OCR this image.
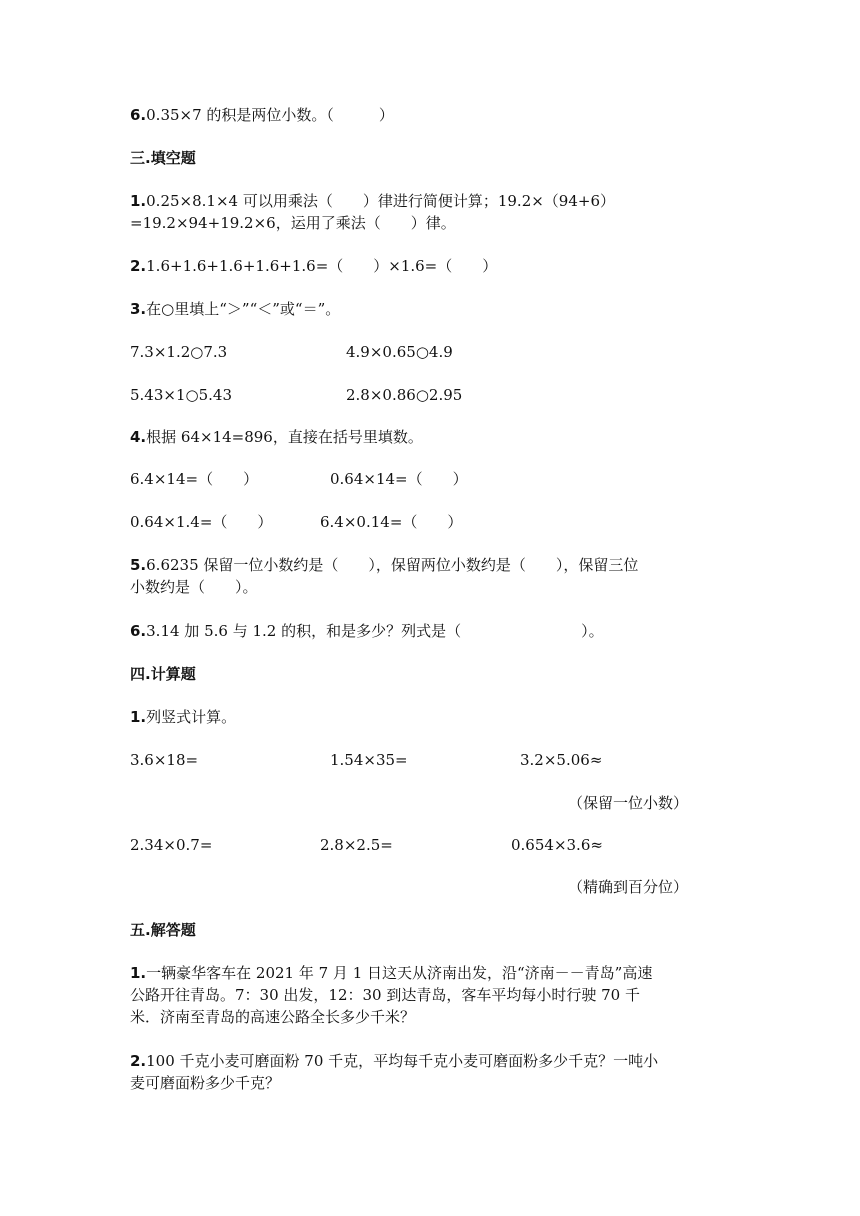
6.0.35×7 的积是两位小数。（　　　）
三.填空题
1.0.25×8.1×4 可以用乘法（　　）律进行简便计算；19.2×（94+6）
=19.2×94+19.2×6，运用了乘法（　　）律。
2.1.6+1.6+1.6+1.6+1.6=（　　）×1.6=（　　）
3.在○里填上“＞”“＜”或“＝”。
7.3×1.2○7.3	4.9×0.65○4.9
5.43×1○5.43	2.8×0.86○2.95
4.根据 64×14=896，直接在括号里填数。
6.4×14=（　　）	0.64×14=（　　）
0.64×1.4=（　　）	6.4×0.14=（　　）
5.6.6235 保留一位小数约是（　　），保留两位小数约是（　　），保留三位
小数约是（　　）。
6.3.14 加 5.6 与 1.2 的积，和是多少？列式是（　　　　　　　　）。
四.计算题
1.列竖式计算。
3.6×18=	1.54×35=	3.2×5.06≈
（保留一位小数）
2.34×0.7=	2.8×2.5=	0.654×3.6≈
（精确到百分位）
五.解答题
1.一辆豪华客车在 2021 年 7 月 1 日这天从济南出发，沿“济南－－青岛”高速
公路开往青岛。7：30 出发，12：30 到达青岛，客车平均每小时行驶 70 千
米．济南至青岛的高速公路全长多少千米？
2.100 千克小麦可磨面粉 70 千克，平均每千克小麦可磨面粉多少千克？一吨小
麦可磨面粉多少千克？
